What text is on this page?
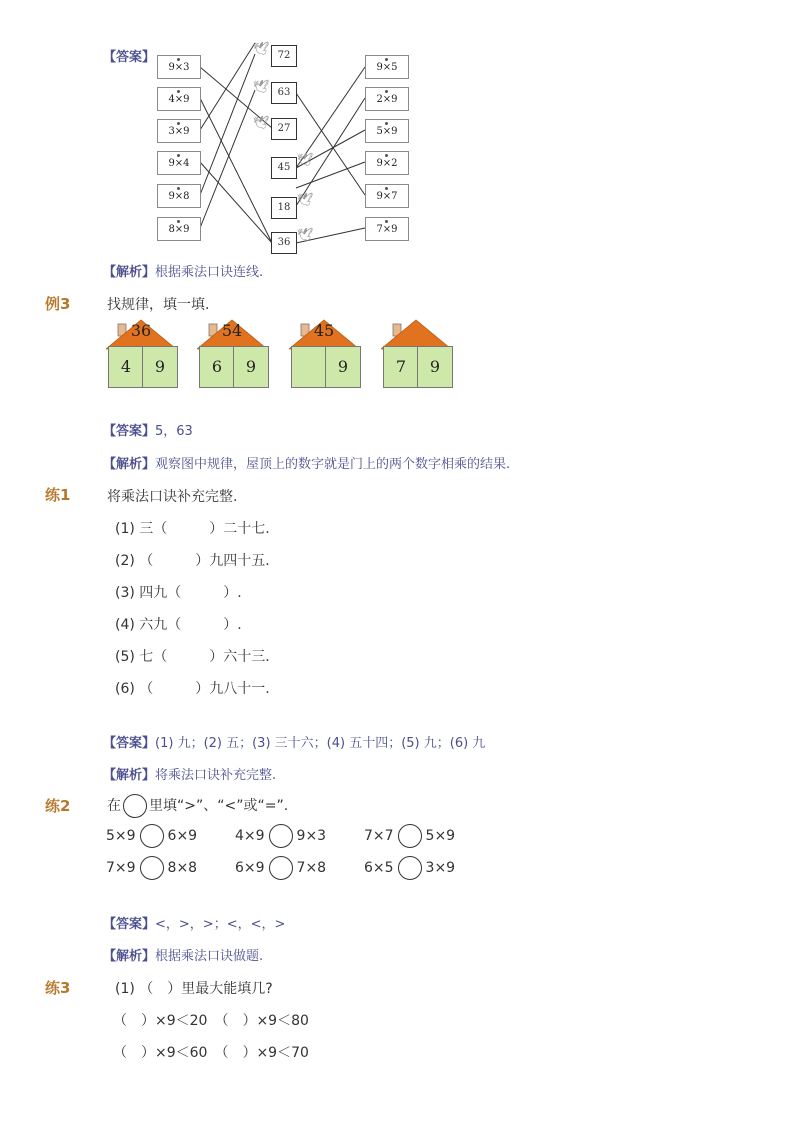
【答案】
9×3
4×9
3×9
9×4
9×8
8×9
9×5
2×9
5×9
9×2
9×7
7×9
🕊 72
🕊 63
🕊 27
45 🕊
18 🕊
36 🕊
【解析】根据乘法口诀连线.
例3	找规律，填一填.
36
4	9
54
6	9
45
9	7	9
【答案】5，63
【解析】观察图中规律，屋顶上的数字就是门上的两个数字相乘的结果.
练1	将乘法口诀补充完整.
(1) 三（　　　）二十七.
(2) （　　　）九四十五.
(3) 四九（　　　）.
(4) 六九（　　　）.
(5) 七（　　　）六十三.
(6) （　　　）九八十一.
【答案】(1) 九；(2) 五；(3) 三十六；(4) 五十四；(5) 九；(6) 九
【解析】将乘法口诀补充完整.
练2	在 里填“>”、“<”或“=”.
5×9 6×9	4×9 9×3	7×7 5×9
7×9 8×8	6×9 7×8	6×5 3×9
【答案】<，>，>；<，<，>
【解析】根据乘法口诀做题.
练3	(1) （　）里最大能填几?
（　）×9＜20　（　）×9＜80
（　）×9＜60　（　）×9＜70
